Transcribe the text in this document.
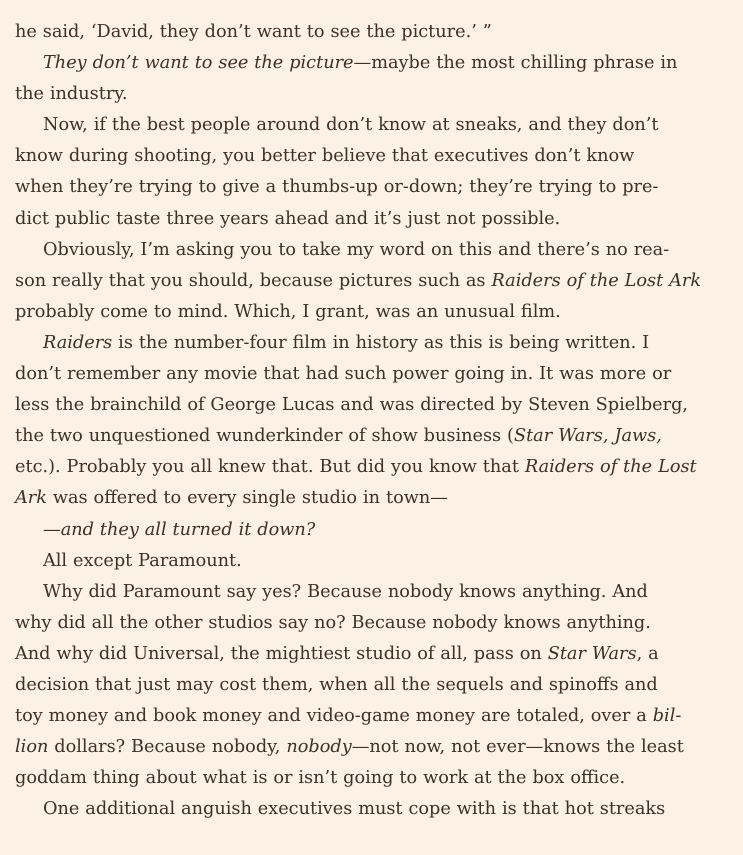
he said, ‘David, they don’t want to see the picture.’ ”
They don’t want to see the picture—maybe the most chilling phrase in
the industry.
Now, if the best people around don’t know at sneaks, and they don’t
know during shooting, you better believe that executives don’t know
when they’re trying to give a thumbs-up or-down; they’re trying to pre-
dict public taste three years ahead and it’s just not possible.
Obviously, I’m asking you to take my word on this and there’s no rea-
son really that you should, because pictures such as Raiders of the Lost Ark
probably come to mind. Which, I grant, was an unusual film.
Raiders is the number-four film in history as this is being written. I
don’t remember any movie that had such power going in. It was more or
less the brainchild of George Lucas and was directed by Steven Spielberg,
the two unquestioned wunderkinder of show business (Star Wars, Jaws,
etc.). Probably you all knew that. But did you know that Raiders of the Lost
Ark was offered to every single studio in town—
—and they all turned it down?
All except Paramount.
Why did Paramount say yes? Because nobody knows anything. And
why did all the other studios say no? Because nobody knows anything.
And why did Universal, the mightiest studio of all, pass on Star Wars, a
decision that just may cost them, when all the sequels and spinoffs and
toy money and book money and video-game money are totaled, over a bil-
lion dollars? Because nobody, nobody—not now, not ever—knows the least
goddam thing about what is or isn’t going to work at the box office.
One additional anguish executives must cope with is that hot streaks
